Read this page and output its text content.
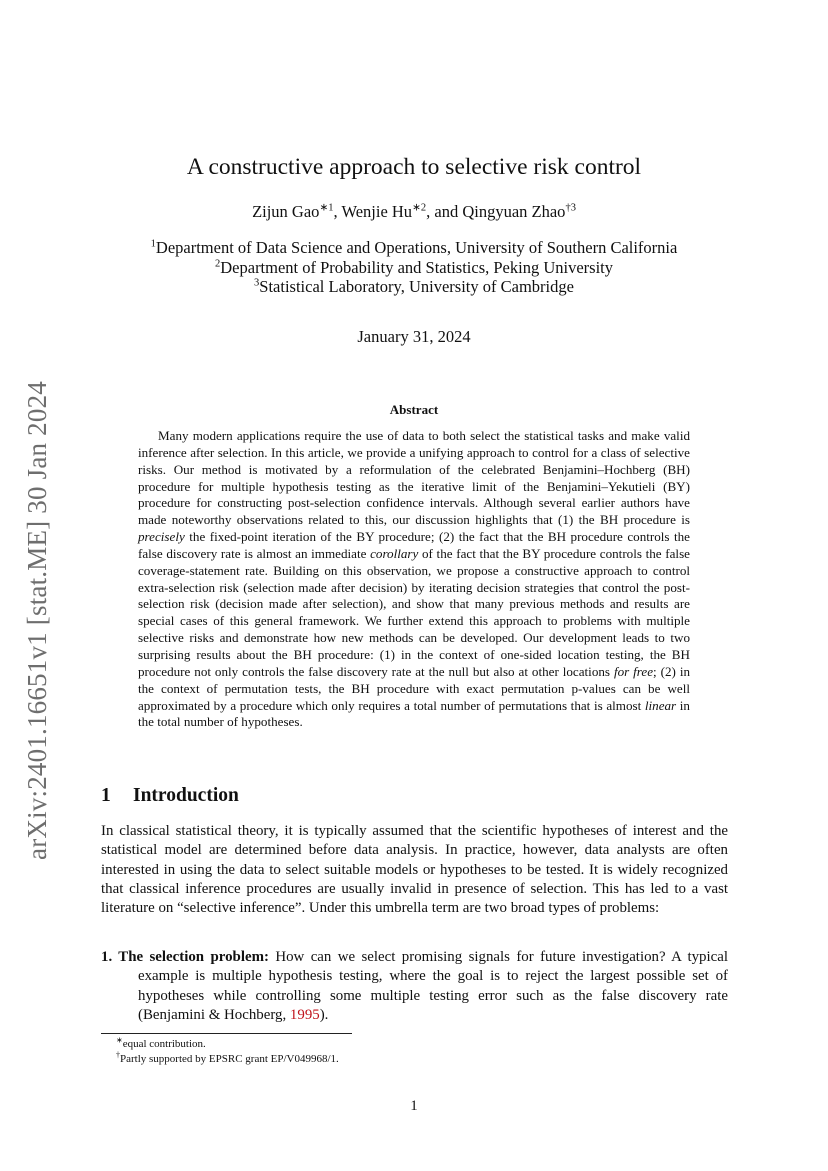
arXiv:2401.16651v1 [stat.ME] 30 Jan 2024
A constructive approach to selective risk control
Zijun Gao$^{∗1}$, Wenjie $Hu^{∗2}$, and Qingyuan Zhao$^{\dagger 3}$
$^1$Department of Data Science and Operations, University of Southern California
$^2$Department of Probability and Statistics, Peking University
$^3$Statistical Laboratory, University of Cambridge
January 31, 2024
Abstract

Many modern applications require the use of data to both select the statistical tasks and make valid inference after selection. In this article, we provide a unifying approach to control for a class of selective risks. Our method is motivated by a reformulation of the celebrated Benjamini–Hochberg (BH) procedure for multiple hypothesis testing as the iterative limit of the Benjamini–Yekutieli (BY) procedure for constructing post-selection confidence intervals. Although several earlier authors have made noteworthy observations related to this, our discussion highlights that (1) the BH procedure is precisely the fixed-point iteration of the BY procedure; (2) the fact that the BH procedure controls the false discovery rate is almost an immediate corollary of the fact that the BY procedure controls the false coverage-statement rate. Building on this observation, we propose a constructive approach to control extra-selection risk (selection made after decision) by iterating decision strategies that control the post-selection risk (decision made after selection), and show that many previous methods and results are special cases of this general framework. We further extend this approach to problems with multiple selective risks and demonstrate how new methods can be developed. Our development leads to two surprising results about the BH procedure: (1) in the context of one-sided location testing, the BH procedure not only controls the false discovery rate at the null but also at other locations for free; (2) in the context of permutation tests, the BH procedure with exact permutation p-values can be well approximated by a procedure which only requires a total number of permutations that is almost linear in the total number of hypotheses.

1 Introduction

In classical statistical theory, it is typically assumed that the scientific hypotheses of interest and the statistical model are determined before data analysis. In practice, however, data analysts are often interested in using the data to select suitable models or hypotheses to be tested. It is widely recognized that classical inference procedures are usually invalid in presence of selection. This has led to a vast literature on “selective inference”. Under this umbrella term are two broad types of problems:

1. The selection problem: How can we select promising signals for future investigation? A typical example is multiple hypothesis testing, where the goal is to reject the largest possible set of hypotheses while controlling some multiple testing error such as the false discovery rate (Benjamini & Hochberg, 1995).

∗equal contribution.
†Partly supported by EPSRC grant EP/V049968/1.
1
